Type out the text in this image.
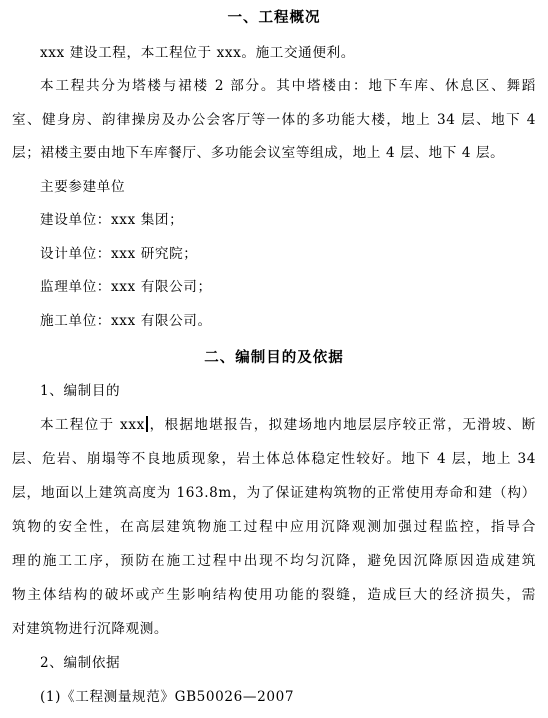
一、工程概况
xxx 建设工程，本工程位于 xxx。施工交通便利。
本工程共分为塔楼与裙楼 2 部分。其中塔楼由：地下车库、休息区、舞蹈
室、健身房、韵律操房及办公会客厅等一体的多功能大楼，地上 34 层、地下 4
层；裙楼主要由地下车库餐厅、多功能会议室等组成，地上 4 层、地下 4 层。
主要参建单位
建设单位：xxx 集团；
设计单位：xxx 研究院；
监理单位：xxx 有限公司；
施工单位：xxx 有限公司。
二、编制目的及依据
1、编制目的
本工程位于 xxx ，根据地堪报告，拟建场地内地层层序较正常，无滑坡、断
层、危岩、崩塌等不良地质现象，岩土体总体稳定性较好。地下 4 层，地上 34
层，地面以上建筑高度为 163.8m，为了保证建构筑物的正常使用寿命和建（构）
筑物的安全性，在高层建筑物施工过程中应用沉降观测加强过程监控，指导合
理的施工工序，预防在施工过程中出现不均匀沉降，避免因沉降原因造成建筑
物主体结构的破坏或产生影响结构使用功能的裂缝，造成巨大的经济损失，需
对建筑物进行沉降观测。
2、编制依据
(1)《工程测量规范》GB50026—2007
